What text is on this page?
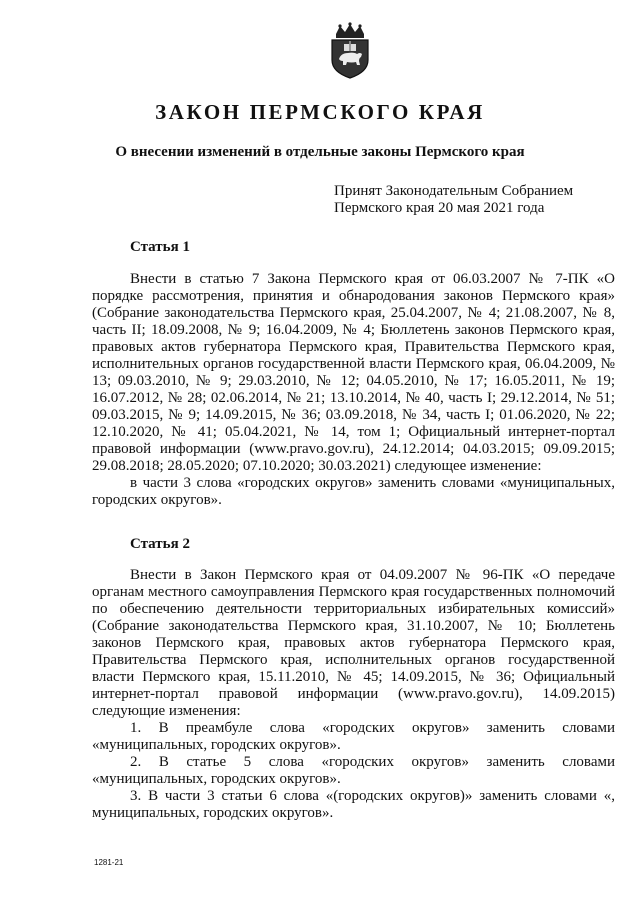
ЗАКОН ПЕРМСКОГО КРАЯ
О внесении изменений в отдельные законы Пермского края
Принят Законодательным Собранием
Пермского края 20 мая 2021 года
Статья 1

Внести в статью 7 Закона Пермского края от 06.03.2007 № 7-ПК «О порядке рассмотрения, принятия и обнародования законов Пермского края» (Собрание законодательства Пермского края, 25.04.2007, № 4; 21.08.2007, № 8, часть II; 18.09.2008, № 9; 16.04.2009, № 4; Бюллетень законов Пермского края, правовых актов губернатора Пермского края, Правительства Пермского края, исполнительных органов государственной власти Пермского края, 06.04.2009, № 13; 09.03.2010, № 9; 29.03.2010, № 12; 04.05.2010, № 17; 16.05.2011, № 19; 16.07.2012, № 28; 02.06.2014, № 21; 13.10.2014, № 40, часть I; 29.12.2014, № 51; 09.03.2015, № 9; 14.09.2015, № 36; 03.09.2018, № 34, часть I; 01.06.2020, № 22; 12.10.2020, № 41; 05.04.2021, № 14, том 1; Официальный интернет-портал правовой информации (www.pravo.gov.ru), 24.12.2014; 04.03.2015; 09.09.2015; 29.08.2018; 28.05.2020; 07.10.2020; 30.03.2021) следующее изменение:

в части 3 слова «городских округов» заменить словами «муниципальных, городских округов».

Статья 2

Внести в Закон Пермского края от 04.09.2007 № 96-ПК «О передаче органам местного самоуправления Пермского края государственных полномочий по обеспечению деятельности территориальных избирательных комиссий» (Собрание законодательства Пермского края, 31.10.2007, № 10; Бюллетень законов Пермского края, правовых актов губернатора Пермского края, Правительства Пермского края, исполнительных органов государственной власти Пермского края, 15.11.2010, № 45; 14.09.2015, № 36; Официальный интернет-портал правовой информации (www.pravo.gov.ru), 14.09.2015) следующие изменения:

1. В преамбуле слова «городских округов» заменить словами «муниципальных, городских округов».

2. В статье 5 слова «городских округов» заменить словами «муниципальных, городских округов».

3. В части 3 статьи 6 слова «(городских округов)» заменить словами «, муниципальных, городских округов».

1281-21
